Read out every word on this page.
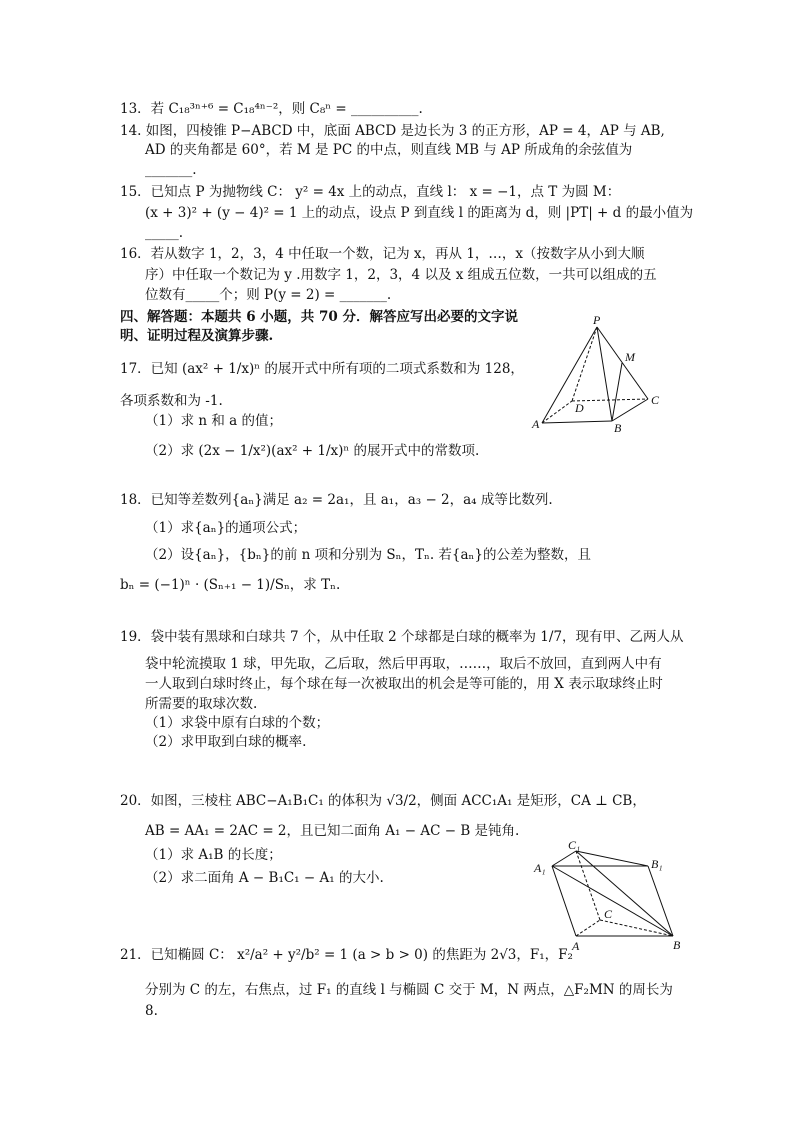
13．若 C₁₈³ⁿ⁺⁶ = C₁₈⁴ⁿ⁻²，则 C₈ⁿ = __________.
14. 如图，四棱锥 P−ABCD 中，底面 ABCD 是边长为 3 的正方形，AP = 4，AP 与 AB,
AD 的夹角都是 60°，若 M 是 PC 的中点，则直线 MB 与 AP 所成角的余弦值为
_______.
15．已知点 P 为抛物线 C： y² = 4x 上的动点，直线 l： x = −1，点 T 为圆 M：
(x + 3)² + (y − 4)² = 1 上的动点，设点 P 到直线 l 的距离为 d，则 |PT| + d 的最小值为
_____.
16．若从数字 1，2，3，4 中任取一个数，记为 x，再从 1，…，x（按数字从小到大顺
序）中任取一个数记为 y .用数字 1，2，3，4 以及 x 组成五位数，一共可以组成的五
位数有_____个；则 P(y = 2) = _______.
四、解答题：本题共 6 小题，共 70 分．解答应写出必要的文字说
明、证明过程及演算步骤.
17．已知 (ax² + 1/x)ⁿ 的展开式中所有项的二项式系数和为 128，
各项系数和为 -1.
（1）求 n 和 a 的值；
（2）求 (2x − 1/x²)(ax² + 1/x)ⁿ 的展开式中的常数项.
18．已知等差数列{aₙ}满足 a₂ = 2a₁，且 a₁，a₃ − 2，a₄ 成等比数列.
（1）求{aₙ}的通项公式；
（2）设{aₙ}，{bₙ}的前 n 项和分别为 Sₙ，Tₙ. 若{aₙ}的公差为整数，且
bₙ = (−1)ⁿ · (Sₙ₊₁ − 1)/Sₙ，求 Tₙ.
19．袋中装有黑球和白球共 7 个，从中任取 2 个球都是白球的概率为 1/7，现有甲、乙两人从
袋中轮流摸取 1 球，甲先取，乙后取，然后甲再取，……，取后不放回，直到两人中有
一人取到白球时终止，每个球在每一次被取出的机会是等可能的，用 X 表示取球终止时
所需要的取球次数.
（1）求袋中原有白球的个数；
（2）求甲取到白球的概率.
20．如图，三棱柱 ABC−A₁B₁C₁ 的体积为 √3/2，侧面 ACC₁A₁ 是矩形，CA ⊥ CB，
AB = AA₁ = 2AC = 2，且已知二面角 A₁ − AC − B 是钝角.
（1）求 A₁B 的长度；
（2）求二面角 A − B₁C₁ − A₁ 的大小.
21．已知椭圆 C： x²/a² + y²/b² = 1 (a > b > 0) 的焦距为 2√3，F₁，F₂
分别为 C 的左，右焦点，过 F₁ 的直线 l 与椭圆 C 交于 M，N 两点，△F₂MN 的周长为
8.
P
M
D
C
A	B
C₁
B₁
A₁
C
A	B
